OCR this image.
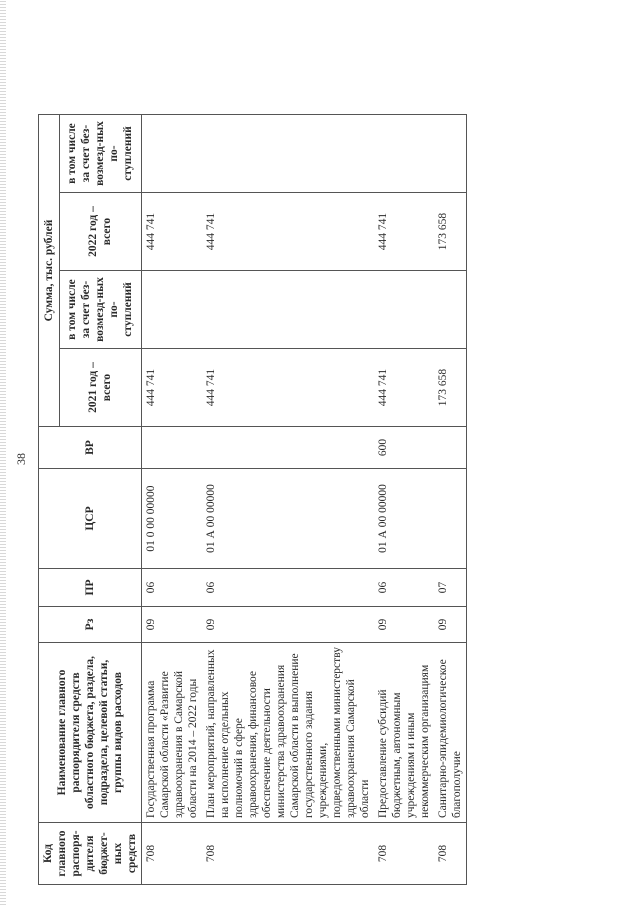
38
Код главного распоря-дителя бюджет-ных средств	Наименование главного распорядителя средств областного бюджета, раздела, подраздела, целевой статьи, группы видов расходов	Рз	ПР	ЦСР	ВР	Сумма, тыс. рублей			
						2021 год – всего	в том числе за счет без-возмезд-ных по-ступлений	2022 год – всего	в том числе за счет без-возмезд-ных по-ступлений
708	Государственная программа Самарской области «Развитие здравоохранения в Самарской области на 2014 – 2022 годы	09	06	01 0 00 00000		444 741		444 741	
708	План мероприятий, направленных на исполнение отдельных полномочий в сфере здравоохранения, финансовое обеспечение деятельности министерства здравоохранения Самарской области в выполнение государственного задания учреждениями, подведомственными министерству здравоохранения Самарской области	09	06	01 А 00 00000		444 741		444 741	
708	Предоставление субсидий бюджетным, автономным учреждениям и иным некоммерческим организациям	09	06	01 А 00 00000	600	444 741		444 741	
708	Санитарно-эпидемиологическое благополучие	09	07			173 658		173 658	
